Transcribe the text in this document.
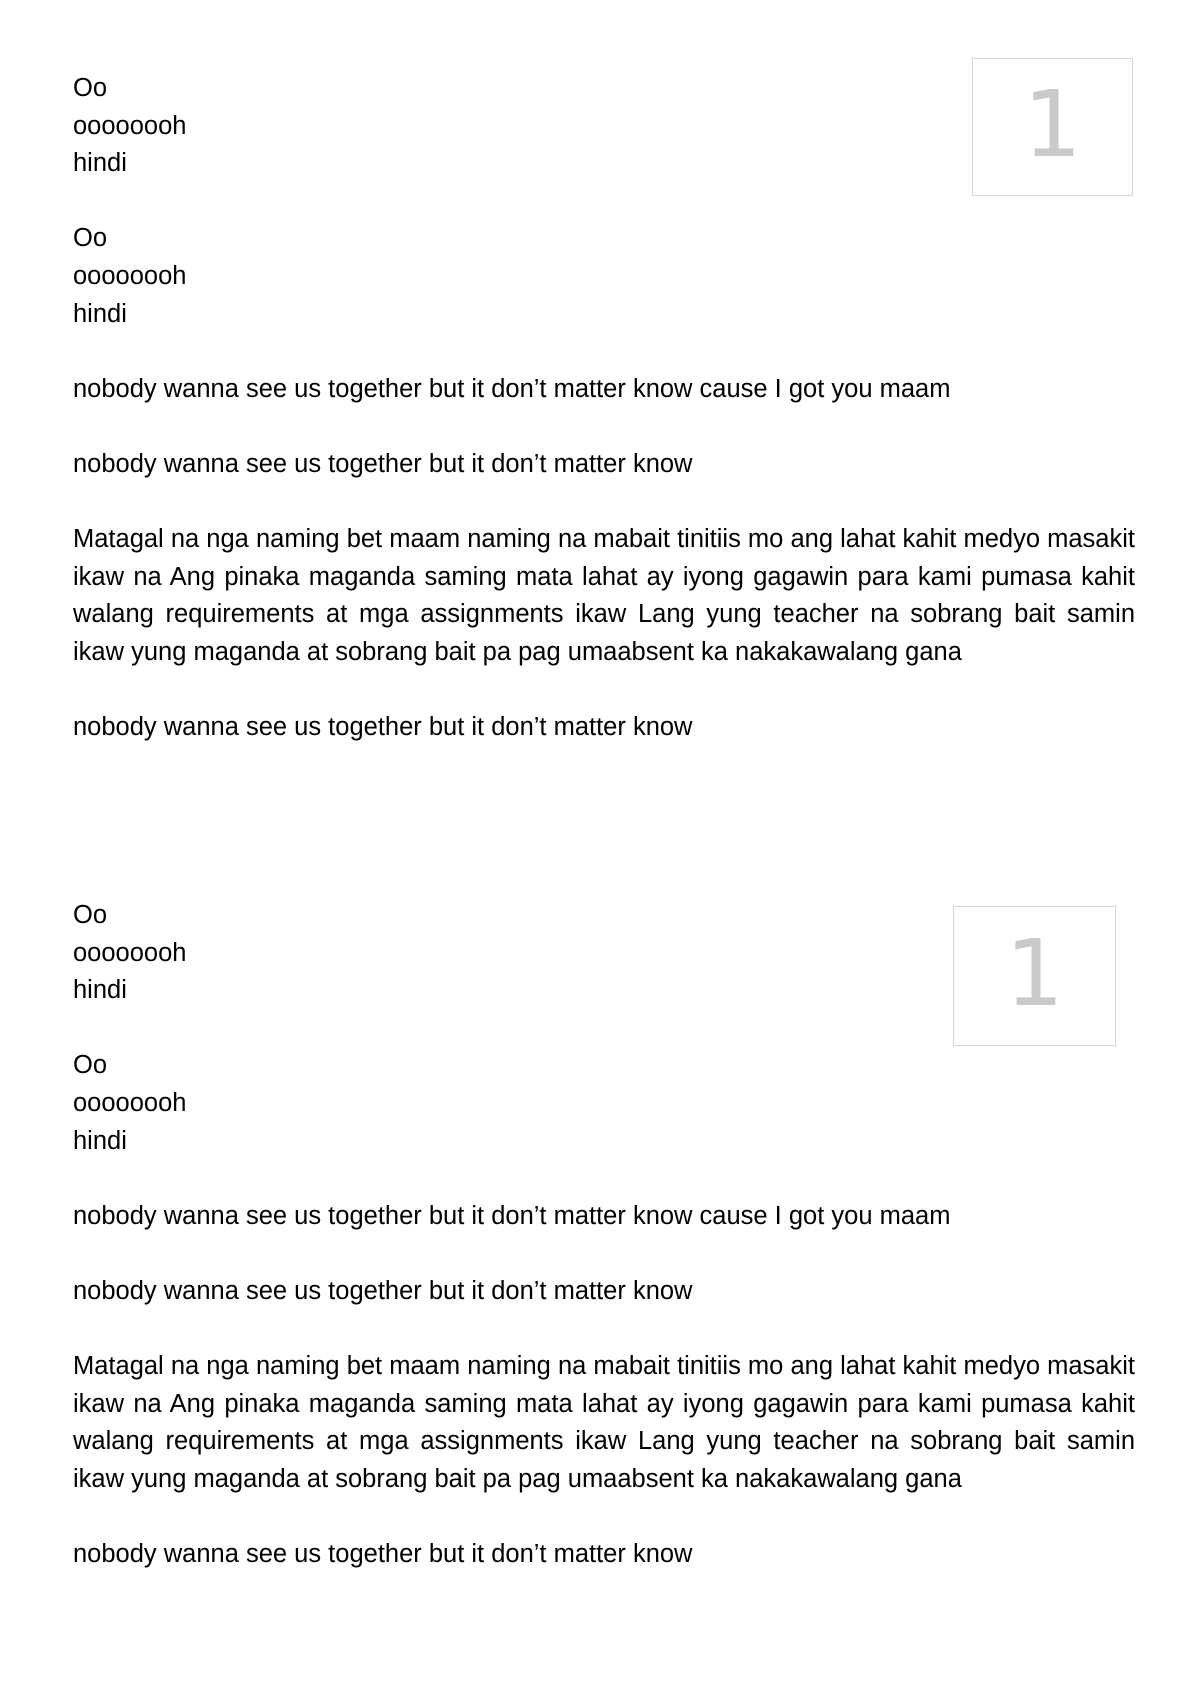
1
1
Oo
oooooooh
hindi
Oo
oooooooh
hindi
nobody wanna see us together but it don’t matter know cause I got you maam
nobody wanna see us together but it don’t matter know

Matagal na nga naming bet maam naming na mabait tinitiis mo ang lahat kahit medyo masakit ikaw na Ang pinaka maganda saming mata lahat ay iyong gagawin para kami pumasa kahit walang requirements at mga assignments ikaw Lang yung teacher na sobrang bait samin ikaw yung maganda at sobrang bait pa pag umaabsent ka nakakawalang gana

nobody wanna see us together but it don’t matter know
Oo
oooooooh
hindi
Oo
oooooooh
hindi
nobody wanna see us together but it don’t matter know cause I got you maam
nobody wanna see us together but it don’t matter know

Matagal na nga naming bet maam naming na mabait tinitiis mo ang lahat kahit medyo masakit ikaw na Ang pinaka maganda saming mata lahat ay iyong gagawin para kami pumasa kahit walang requirements at mga assignments ikaw Lang yung teacher na sobrang bait samin ikaw yung maganda at sobrang bait pa pag umaabsent ka nakakawalang gana

nobody wanna see us together but it don’t matter know
